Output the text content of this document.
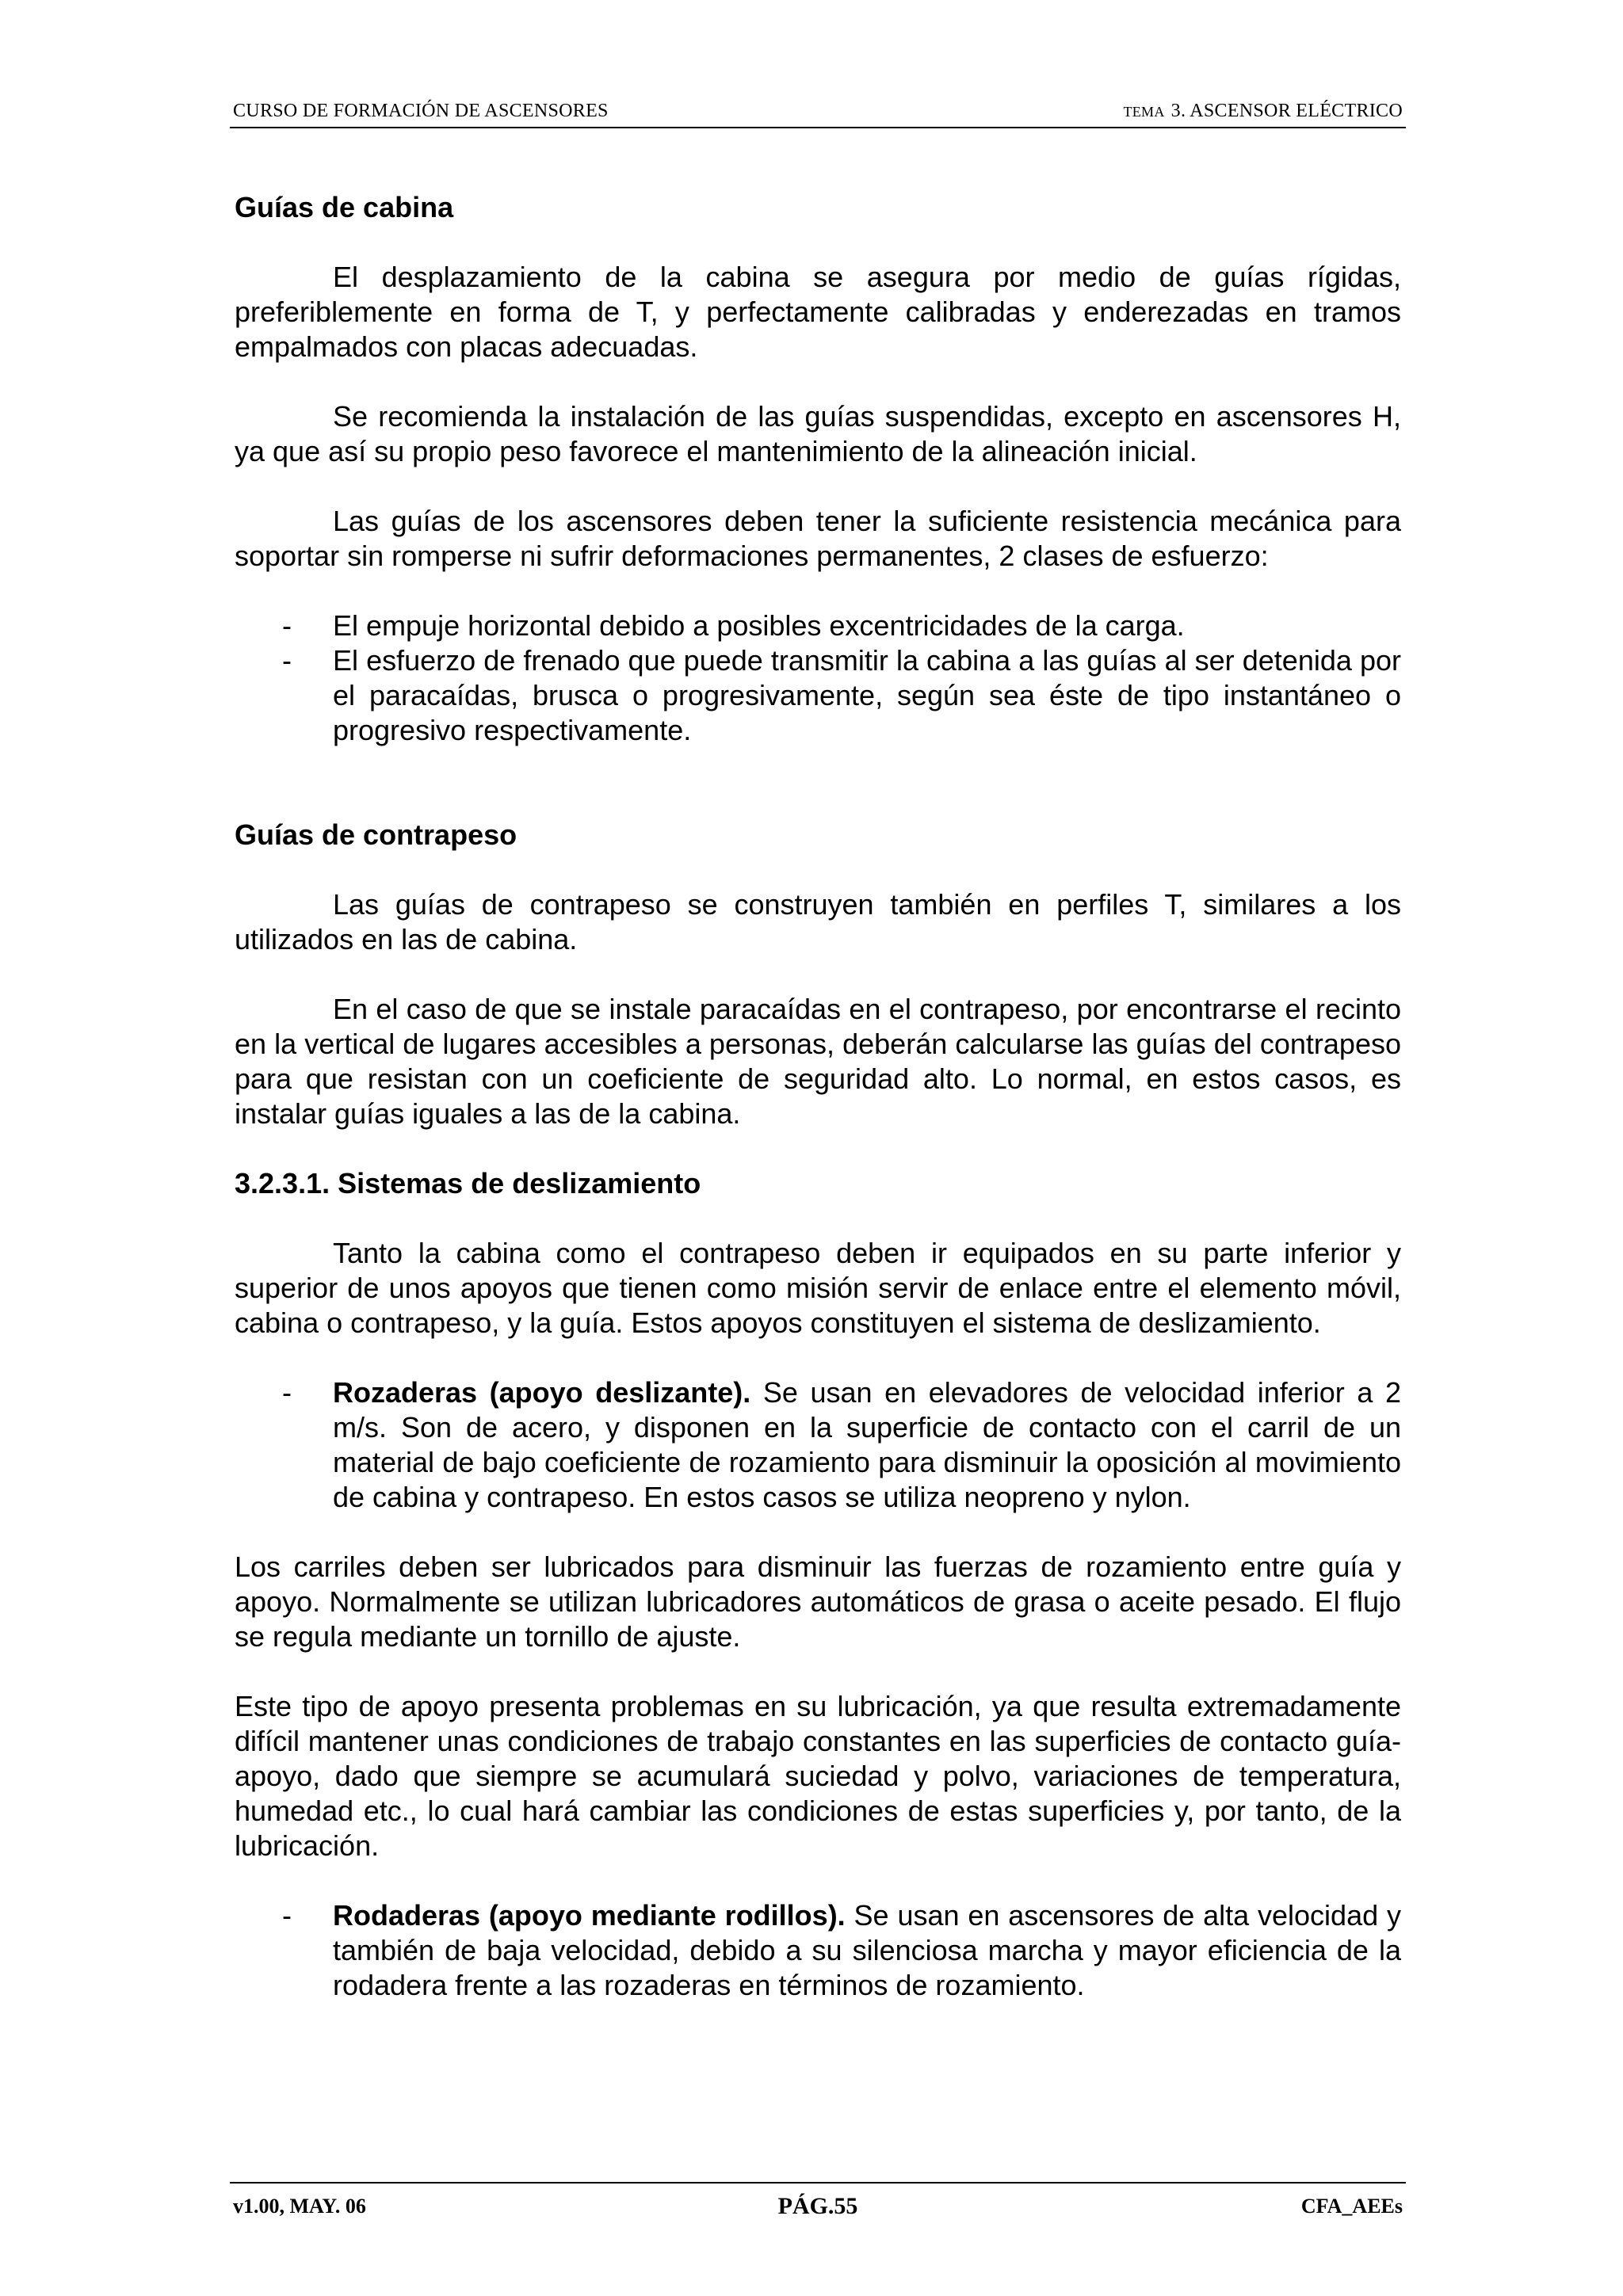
CURSO DE FORMACIÓN DE ASCENSORES	TEMA 3. ASCENSOR ELÉCTRICO
Guías de cabina

El desplazamiento de la cabina se asegura por medio de guías rígidas, preferiblemente en forma de T, y perfectamente calibradas y enderezadas en tramos empalmados con placas adecuadas.

Se recomienda la instalación de las guías suspendidas, excepto en ascensores H, ya que así su propio peso favorece el mantenimiento de la alineación inicial.

Las guías de los ascensores deben tener la suficiente resistencia mecánica para soportar sin romperse ni sufrir deformaciones permanentes, 2 clases de esfuerzo:

- El empuje horizontal debido a posibles excentricidades de la carga.
- El esfuerzo de frenado que puede transmitir la cabina a las guías al ser detenida por el paracaídas, brusca o progresivamente, según sea éste de tipo instantáneo o progresivo respectivamente.
Guías de contrapeso

Las guías de contrapeso se construyen también en perfiles T, similares a los utilizados en las de cabina.

En el caso de que se instale paracaídas en el contrapeso, por encontrarse el recinto en la vertical de lugares accesibles a personas, deberán calcularse las guías del contrapeso para que resistan con un coeficiente de seguridad alto. Lo normal, en estos casos, es instalar guías iguales a las de la cabina.

3.2.3.1. Sistemas de deslizamiento

Tanto la cabina como el contrapeso deben ir equipados en su parte inferior y superior de unos apoyos que tienen como misión servir de enlace entre el elemento móvil, cabina o contrapeso, y la guía. Estos apoyos constituyen el sistema de deslizamiento.

- Rozaderas (apoyo deslizante). Se usan en elevadores de velocidad inferior a 2 m/s. Son de acero, y disponen en la superficie de contacto con el carril de un material de bajo coeficiente de rozamiento para disminuir la oposición al movimiento de cabina y contrapeso. En estos casos se utiliza neopreno y nylon.

Los carriles deben ser lubricados para disminuir las fuerzas de rozamiento entre guía y apoyo. Normalmente se utilizan lubricadores automáticos de grasa o aceite pesado. El flujo se regula mediante un tornillo de ajuste.

Este tipo de apoyo presenta problemas en su lubricación, ya que resulta extremadamente difícil mantener unas condiciones de trabajo constantes en las superficies de contacto guía-apoyo, dado que siempre se acumulará suciedad y polvo, variaciones de temperatura, humedad etc., lo cual hará cambiar las condiciones de estas superficies y, por tanto, de la lubricación.

- Rodaderas (apoyo mediante rodillos). Se usan en ascensores de alta velocidad y también de baja velocidad, debido a su silenciosa marcha y mayor eficiencia de la rodadera frente a las rozaderas en términos de rozamiento.
v1.00, MAY. 06	PÁG.55	CFA_AEEs
